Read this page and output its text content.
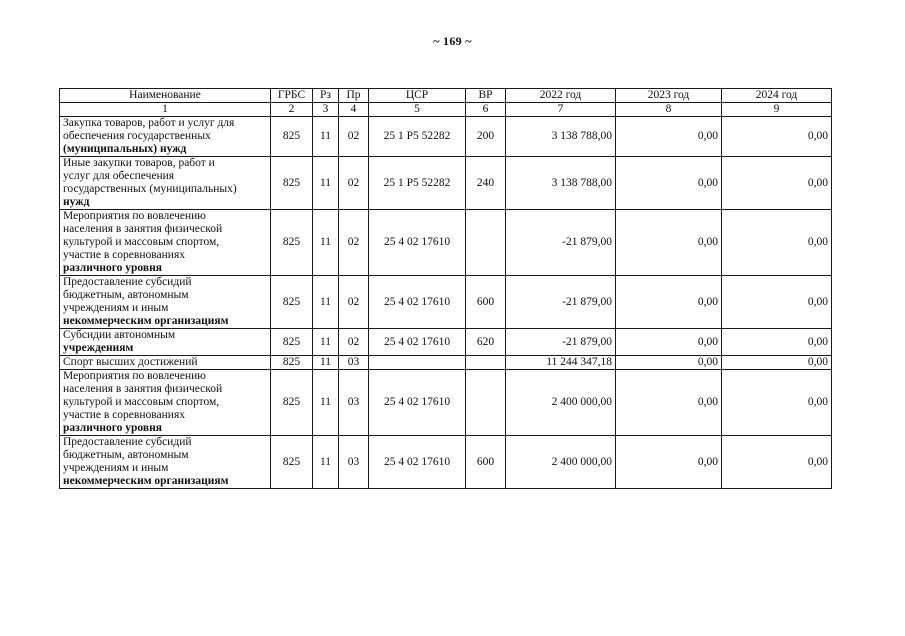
~ 169 ~
Наименование	ГРБС	Рз	Пр	ЦСР	ВР	2022 год	2023 год	2024 год
1	2	3	4	5	6	7	8	9
Закупка товаров, работ и услуг для
обеспечения государственных
(муниципальных) нужд	825	11	02	25 1 P5 52282	200	3 138 788,00	0,00	0,00
Иные закупки товаров, работ и
услуг для обеспечения
государственных (муниципальных)
нужд	825	11	02	25 1 P5 52282	240	3 138 788,00	0,00	0,00
Мероприятия по вовлечению
населения в занятия физической
культурой и массовым спортом,
участие в соревнованиях
различного уровня	825	11	02	25 4 02 17610		-21 879,00	0,00	0,00
Предоставление субсидий
бюджетным, автономным
учреждениям и иным
некоммерческим организациям	825	11	02	25 4 02 17610	600	-21 879,00	0,00	0,00
Субсидии автономным
учреждениям	825	11	02	25 4 02 17610	620	-21 879,00	0,00	0,00
Спорт высших достижений	825	11	03			11 244 347,18	0,00	0,00
Мероприятия по вовлечению
населения в занятия физической
культурой и массовым спортом,
участие в соревнованиях
различного уровня	825	11	03	25 4 02 17610		2 400 000,00	0,00	0,00
Предоставление субсидий
бюджетным, автономным
учреждениям и иным
некоммерческим организациям	825	11	03	25 4 02 17610	600	2 400 000,00	0,00	0,00
